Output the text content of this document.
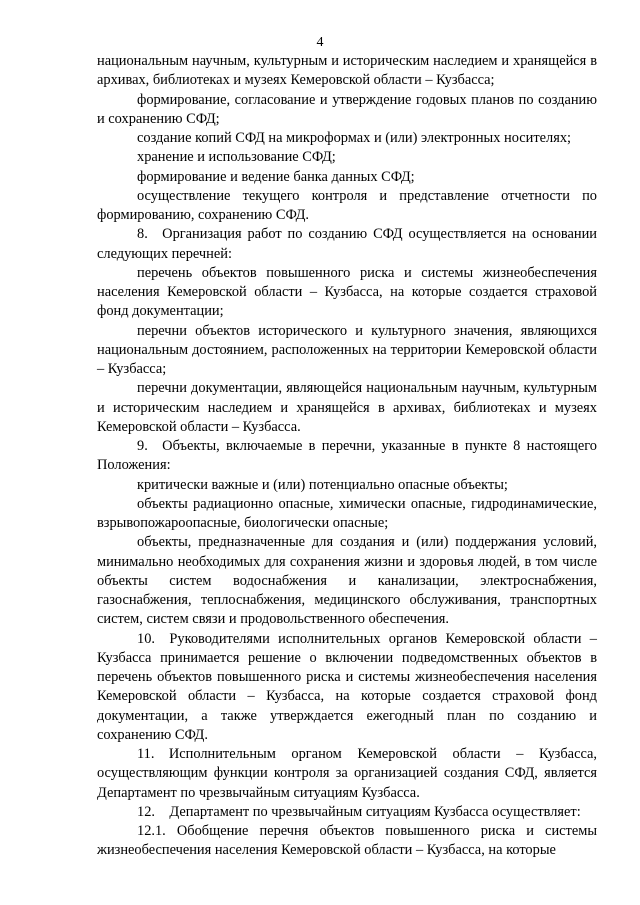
4

национальным научным, культурным и историческим наследием и хранящейся в архивах, библиотеках и музеях Кемеровской области – Кузбасса;

формирование, согласование и утверждение годовых планов по созданию и сохранению СФД;

создание копий СФД на микроформах и (или) электронных носителях;

хранение и использование СФД;

формирование и ведение банка данных СФД;

осуществление текущего контроля и представление отчетности по формированию, сохранению СФД.

8. Организация работ по созданию СФД осуществляется на основании следующих перечней:

перечень объектов повышенного риска и системы жизнеобеспечения населения Кемеровской области – Кузбасса, на которые создается страховой фонд документации;

перечни объектов исторического и культурного значения, являющихся национальным достоянием, расположенных на территории Кемеровской области – Кузбасса;

перечни документации, являющейся национальным научным, культурным и историческим наследием и хранящейся в архивах, библиотеках и музеях Кемеровской области – Кузбасса.

9. Объекты, включаемые в перечни, указанные в пункте 8 настоящего Положения:

критически важные и (или) потенциально опасные объекты;

объекты радиационно опасные, химически опасные, гидродинамические, взрывопожароопасные, биологически опасные;

объекты, предназначенные для создания и (или) поддержания условий, минимально необходимых для сохранения жизни и здоровья людей, в том числе объекты систем водоснабжения и канализации, электроснабжения, газоснабжения, теплоснабжения, медицинского обслуживания, транспортных систем, систем связи и продовольственного обеспечения.

10. Руководителями исполнительных органов Кемеровской области – Кузбасса принимается решение о включении подведомственных объектов в перечень объектов повышенного риска и системы жизнеобеспечения населения Кемеровской области – Кузбасса, на которые создается страховой фонд документации, а также утверждается ежегодный план по созданию и сохранению СФД.

11. Исполнительным органом Кемеровской области – Кузбасса, осуществляющим функции контроля за организацией создания СФД, является Департамент по чрезвычайным ситуациям Кузбасса.

12. Департамент по чрезвычайным ситуациям Кузбасса осуществляет:

12.1. Обобщение перечня объектов повышенного риска и системы жизнеобеспечения населения Кемеровской области – Кузбасса, на которые
